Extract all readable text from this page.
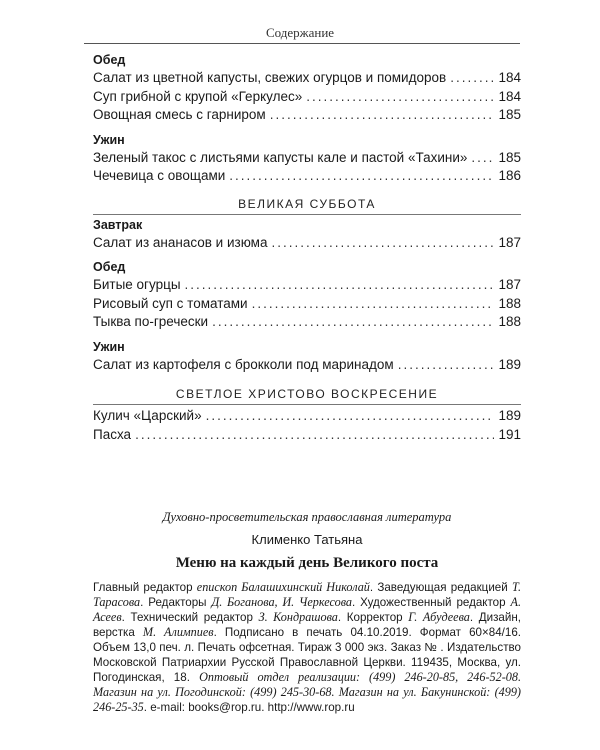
Содержание
Обед
Салат из цветной капусты, свежих огурцов и помидоров .....	184
Суп грибной с крупой «Геркулес» .....	184
Овощная смесь с гарниром .....	185
Ужин
Зеленый такос с листьями капусты кале и пастой «Тахини» ..... 185
Чечевица с овощами .....	186
ВЕЛИКАЯ СУББОТА
Завтрак
Салат из ананасов и изюма .....	187
Обед
Битые огурцы .....	187
Рисовый суп с томатами .....	188
Тыква по-гречески .....	188
Ужин
Салат из картофеля с брокколи под маринадом .....	189
СВЕТЛОЕ ХРИСТОВО ВОСКРЕСЕНИЕ
Кулич «Царский» .....	189
Пасха .....	191
Духовно-просветительская православная литература
Клименко Татьяна
Меню на каждый день Великого поста
Главный редактор епископ Балашихинский Николай. Заведующая редакцией Т. Тарасова. Редакторы Д. Боганова, И. Черкесова. Художественный редактор А. Асеев. Технический редактор З. Кондрашова. Корректор Г. Абудеева. Дизайн, верстка М. Алимпиев. Подписано в печать 04.10.2019. Формат 60×84/16. Объем 13,0 печ. л. Печать офсетная. Тираж 3 000 экз. Заказ № . Издательство Московской Патриархии Русской Православной Церкви. 119435, Москва, ул. Погодинская, 18. Оптовый отдел реализации: (499) 246-20-85, 246-52-08. Магазин на ул. Погодинской: (499) 245-30-68. Магазин на ул. Бакунинской: (499) 246-25-35. e-mail: books@rop.ru. http://www.rop.ru
